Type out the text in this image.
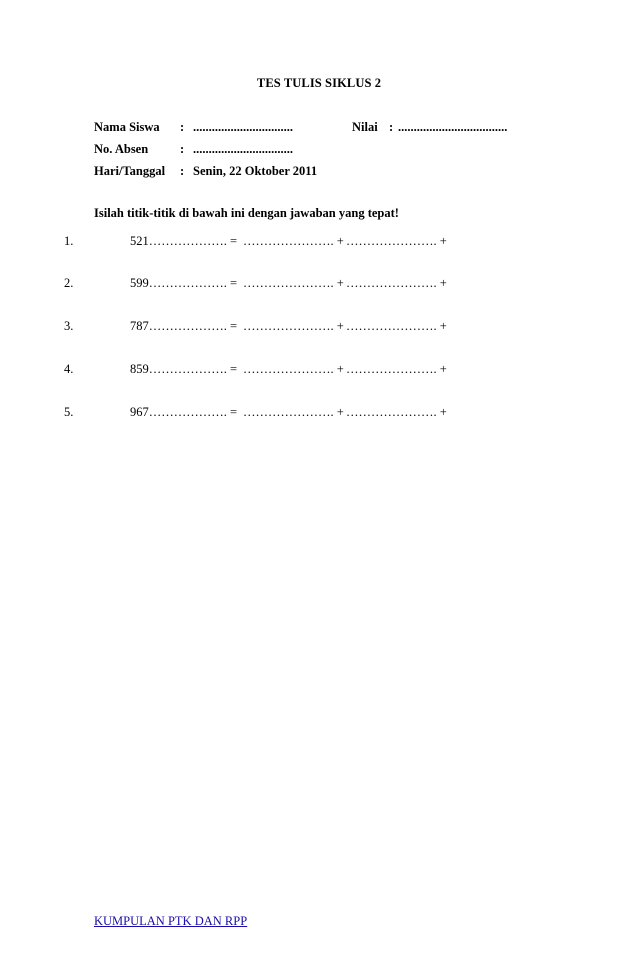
TES TULIS SIKLUS 2
Nama Siswa : ................................	Nilai : ...................................
No. Absen	: ................................
Hari/Tanggal : Senin, 22 Oktober 2011
Isilah titik-titik di bawah ini dengan jawaban yang tepat!
1.	521………………. = …………………. + …………………. +
2.	599………………. = …………………. + …………………. +
3.	787………………. = …………………. + …………………. +
4.	859………………. = …………………. + …………………. +
5.	967………………. = …………………. + …………………. +
KUMPULAN PTK DAN RPP
